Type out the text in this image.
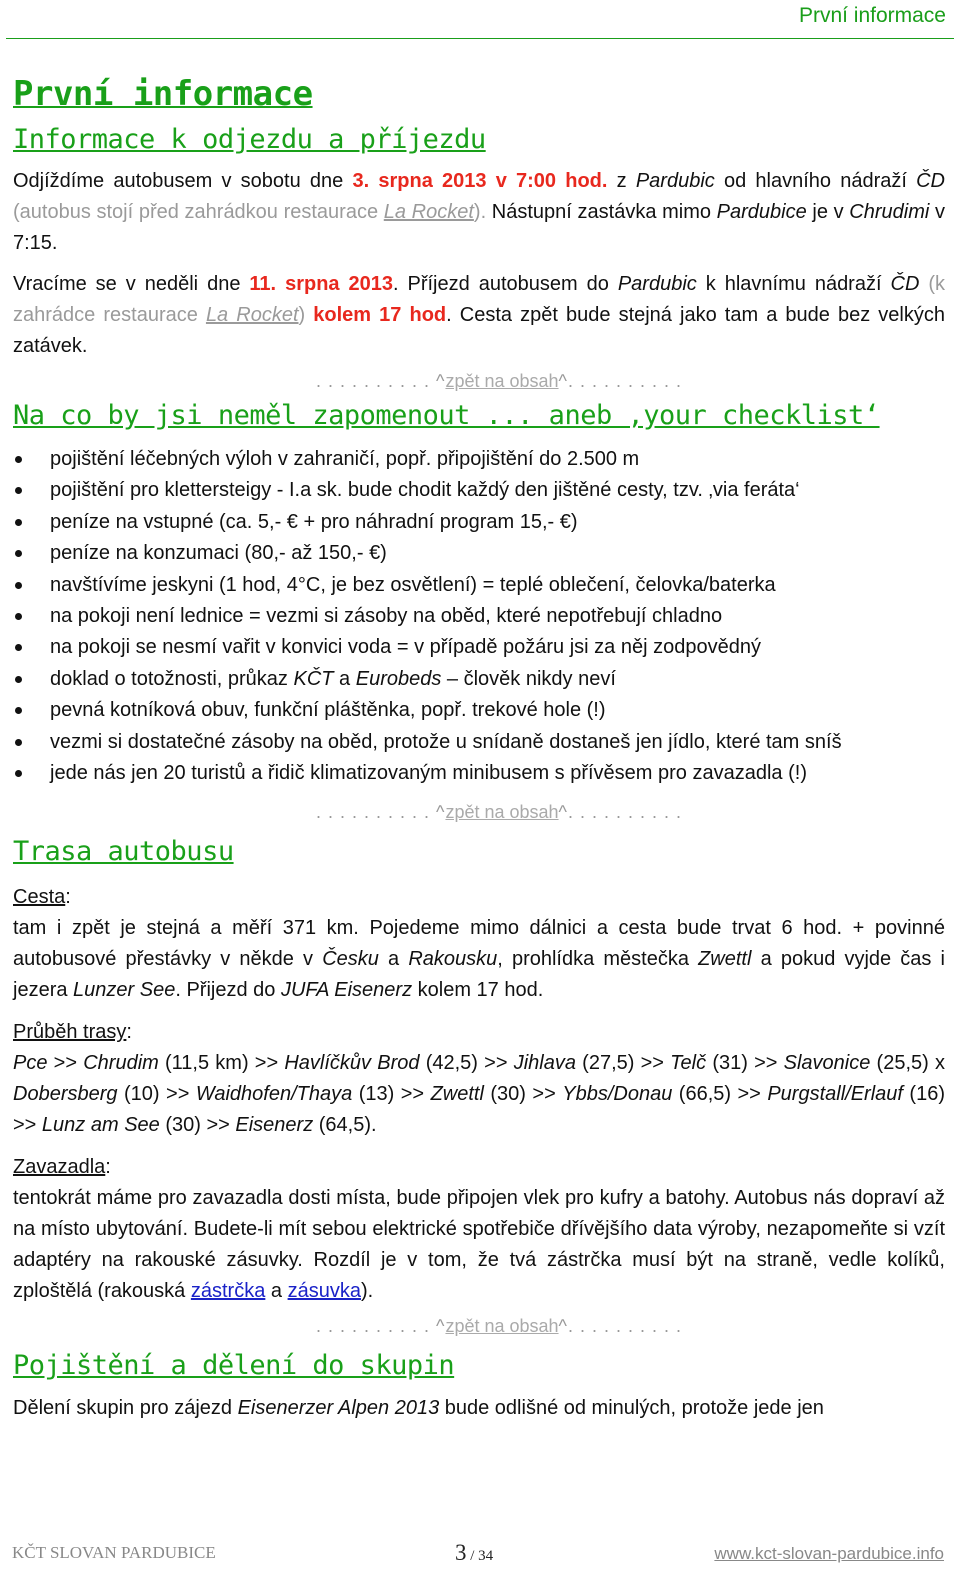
První informace
První informace
Informace k odjezdu a příjezdu

Odjíždíme autobusem v sobotu dne 3. srpna 2013 v 7:00 hod. z Pardubic od hlavního nádraží ČD (autobus stojí před zahrádkou restaurace La Rocket). Nástupní zastávka mimo Pardubice je v Chrudimi v 7:15.

Vracíme se v neděli dne 11. srpna 2013. Příjezd autobusem do Pardubic k hlavnímu nádraží ČD (k zahrádce restaurace La Rocket) kolem 17 hod. Cesta zpět bude stejná jako tam a bude bez velkých zatávek.

. . . . . . . . . . ^zpět na obsah^. . . . . . . . . .
Na co by jsi neměl zapomenout ... aneb ‚your checklist‘
pojištění léčebných výloh v zahraničí, popř. připojištění do 2.500 m
pojištění pro klettersteigy - I.a sk. bude chodit každý den jištěné cesty, tzv. ‚via feráta‘
peníze na vstupné (ca. 5,- € + pro náhradní program 15,- €)
peníze na konzumaci (80,- až 150,- €)
navštívíme jeskyni (1 hod, 4°C, je bez osvětlení) = teplé oblečení, čelovka/baterka
na pokoji není lednice = vezmi si zásoby na oběd, které nepotřebují chladno
na pokoji se nesmí vařit v konvici voda = v případě požáru jsi za něj zodpovědný
doklad o totožnosti, průkaz KČT a Eurobeds – člověk nikdy neví
pevná kotníková obuv, funkční pláštěnka, popř. trekové hole (!)
vezmi si dostatečné zásoby na oběd, protože u snídaně dostaneš jen jídlo, které tam sníš
jede nás jen 20 turistů a řidič klimatizovaným minibusem s přívěsem pro zavazadla (!)
. . . . . . . . . . ^zpět na obsah^. . . . . . . . . .
Trasa autobusu

Cesta:

tam i zpět je stejná a měří 371 km. Pojedeme mimo dálnici a cesta bude trvat 6 hod. + povinné autobusové přestávky v někde v Česku a Rakousku, prohlídka městečka Zwettl a pokud vyjde čas i jezera Lunzer See. Přijezd do JUFA Eisenerz kolem 17 hod.

Průběh trasy:

Pce >> Chrudim (11,5 km) >> Havlíčkův Brod (42,5) >> Jihlava (27,5) >> Telč (31) >> Slavonice (25,5) x Dobersberg (10) >> Waidhofen/Thaya (13) >> Zwettl (30) >> Ybbs/Donau (66,5) >> Purgstall/Erlauf (16) >> Lunz am See (30) >> Eisenerz (64,5).

Zavazadla:

tentokrát máme pro zavazadla dosti místa, bude připojen vlek pro kufry a batohy. Autobus nás dopraví až na místo ubytování. Budete-li mít sebou elektrické spotřebiče dřívějšího data výroby, nezapomeňte si vzít adaptéry na rakouské zásuvky. Rozdíl je v tom, že tvá zástrčka musí být na straně, vedle kolíků, zploštělá (rakouská zástrčka a zásuvka).

. . . . . . . . . . ^zpět na obsah^. . . . . . . . . .
Pojištění a dělení do skupin

Dělení skupin pro zájezd Eisenerzer Alpen 2013 bude odlišné od minulých, protože jede jen

KČT SLOVAN PARDUBICE	3 / 34	www.kct-slovan-pardubice.info
